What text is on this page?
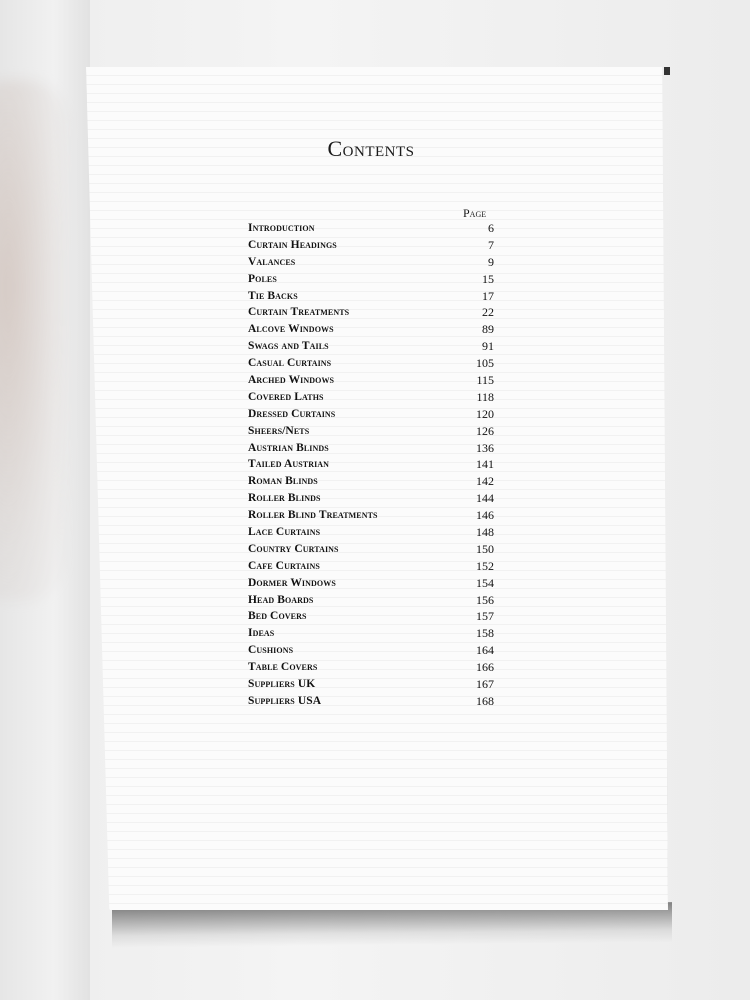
Contents
Page
Introduction	6
Curtain Headings	7
Valances	9
Poles	15
Tie Backs	17
Curtain Treatments	22
Alcove Windows	89
Swags and Tails	91
Casual Curtains	105
Arched Windows	115
Covered Laths	118
Dressed Curtains	120
Sheers/Nets	126
Austrian Blinds	136
Tailed Austrian	141
Roman Blinds	142
Roller Blinds	144
Roller Blind Treatments	146
Lace Curtains	148
Country Curtains	150
Cafe Curtains	152
Dormer Windows	154
Head Boards	156
Bed Covers	157
Ideas	158
Cushions	164
Table Covers	166
Suppliers UK	167
Suppliers USA	168
